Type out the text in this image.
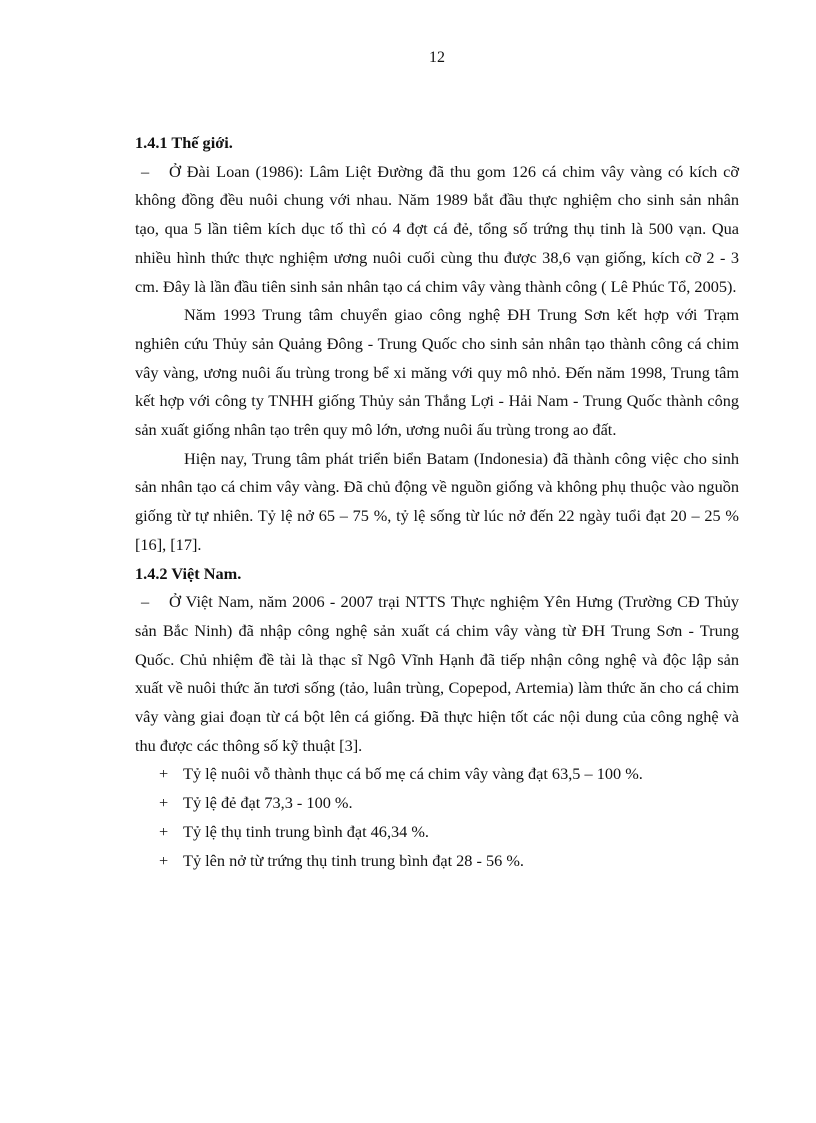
12

1.4.1 Thế giới.

– Ở Đài Loan (1986): Lâm Liệt Đường đã thu gom 126 cá chim vây vàng có kích cỡ không đồng đều nuôi chung với nhau. Năm 1989 bắt đầu thực nghiệm cho sinh sản nhân tạo, qua 5 lần tiêm kích dục tố thì có 4 đợt cá đẻ, tổng số trứng thụ tinh là 500 vạn. Qua nhiều hình thức thực nghiệm ương nuôi cuối cùng thu được 38,6 vạn giống, kích cỡ 2 - 3 cm. Đây là lần đầu tiên sinh sản nhân tạo cá chim vây vàng thành công ( Lê Phúc Tổ, 2005).

Năm 1993 Trung tâm chuyển giao công nghệ ĐH Trung Sơn kết hợp với Trạm nghiên cứu Thủy sản Quảng Đông - Trung Quốc cho sinh sản nhân tạo thành công cá chim vây vàng, ương nuôi ấu trùng trong bể xi măng với quy mô nhỏ. Đến năm 1998, Trung tâm kết hợp với công ty TNHH giống Thủy sản Thắng Lợi - Hải Nam - Trung Quốc thành công sản xuất giống nhân tạo trên quy mô lớn, ương nuôi ấu trùng trong ao đất.

Hiện nay, Trung tâm phát triển biển Batam (Indonesia) đã thành công việc cho sinh sản nhân tạo cá chim vây vàng. Đã chủ động về nguồn giống và không phụ thuộc vào nguồn giống từ tự nhiên. Tỷ lệ nở 65 – 75 %, tỷ lệ sống từ lúc nở đến 22 ngày tuổi đạt 20 – 25 % [16], [17].

1.4.2 Việt Nam.

– Ở Việt Nam, năm 2006 - 2007 trại NTTS Thực nghiệm Yên Hưng (Trường CĐ Thủy sản Bắc Ninh) đã nhập công nghệ sản xuất cá chim vây vàng từ ĐH Trung Sơn - Trung Quốc. Chủ nhiệm đề tài là thạc sĩ Ngô Vĩnh Hạnh đã tiếp nhận công nghệ và độc lập sản xuất về nuôi thức ăn tươi sống (tảo, luân trùng, Copepod, Artemia) làm thức ăn cho cá chim vây vàng giai đoạn từ cá bột lên cá giống. Đã thực hiện tốt các nội dung của công nghệ và thu được các thông số kỹ thuật [3].

+ Tỷ lệ nuôi vỗ thành thục cá bố mẹ cá chim vây vàng đạt 63,5 – 100 %.

+ Tỷ lệ đẻ đạt 73,3 - 100 %.

+ Tỷ lệ thụ tinh trung bình đạt 46,34 %.

+ Tỷ lên nở từ trứng thụ tinh trung bình đạt 28 - 56 %.
